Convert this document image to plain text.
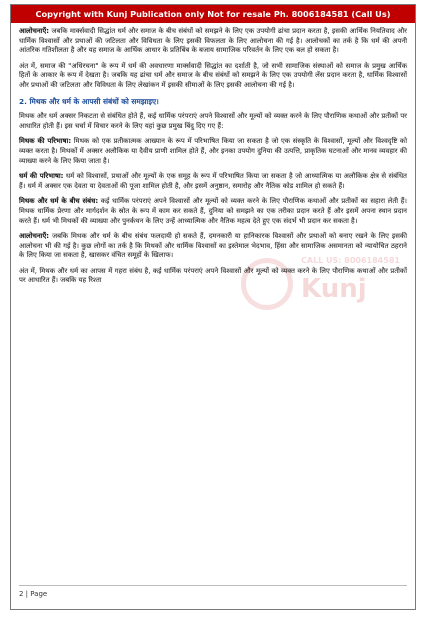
Copyright with Kunj Publication only Not for resale Ph. 8006184581 (Call Us)
CALL US: 8006184581
Kunj

आलोचनाएँ: जबकि मार्क्सवादी सिद्धांत धर्म और समाज के बीच संबंधों को समझने के लिए एक उपयोगी ढांचा प्रदान करता है, इसकी आर्थिक नियतिवाद और धार्मिक विश्वासों और प्रथाओं की जटिलता और विविधता के लिए इसकी विफलता के लिए आलोचना की गई है। आलोचकों का तर्क है कि धर्म की अपनी आंतरिक गतिशीलता है और यह समाज के आर्थिक आधार के प्रतिबिंब के बजाय सामाजिक परिवर्तन के लिए एक बल हो सकता है।

अंत में, समाज की "अधिरचना" के रूप में धर्म की अवधारणा मार्क्सवादी सिद्धांत का दर्शाती है, जो सभी सामाजिक संस्थाओं को समाज के प्रमुख आर्थिक हितों के आकार के रूप में देखता है। जबकि यह ढांचा धर्म और समाज के बीच संबंधों को समझने के लिए एक उपयोगी लेंस प्रदान करता है, धार्मिक विश्वासों और प्रथाओं की जटिलता और विविधता के लिए लेखांकन में इसकी सीमाओं के लिए इसकी आलोचना की गई है।

2. मिथक और धर्म के आपसी संबंधों को समझाइए।

मिथक और धर्म अक्सर निकटता से संबंधित होते हैं, कई धार्मिक परंपराएं अपने विश्वासों और मूल्यों को व्यक्त करने के लिए पौराणिक कथाओं और प्रतीकों पर आधारित होती हैं। इस चर्चा में विचार करने के लिए यहां कुछ प्रमुख बिंदु दिए गए हैं:

मिथक की परिभाषा: मिथक को एक प्रतीकात्मक आख्यान के रूप में परिभाषित किया जा सकता है जो एक संस्कृति के विश्वासों, मूल्यों और विश्वदृष्टि को व्यक्त करता है। मिथकों में अक्सर अलौकिक या दैवीय प्राणी शामिल होते हैं, और इनका उपयोग दुनिया की उत्पत्ति, प्राकृतिक घटनाओं और मानव व्यवहार की व्याख्या करने के लिए किया जाता है।

धर्म की परिभाषा: धर्म को विश्वासों, प्रथाओं और मूल्यों के एक समूह के रूप में परिभाषित किया जा सकता है जो आध्यात्मिक या अलौकिक क्षेत्र से संबंधित हैं। धर्म में अक्सर एक देवता या देवताओं की पूजा शामिल होती है, और इसमें अनुष्ठान, समारोह और नैतिक कोड शामिल हो सकते हैं।

मिथक और धर्म के बीच संबंध: कई धार्मिक परंपराएं अपने विश्वासों और मूल्यों को व्यक्त करने के लिए पौराणिक कथाओं और प्रतीकों का सहारा लेती हैं। मिथक धार्मिक प्रेरणा और मार्गदर्शन के स्रोत के रूप में काम कर सकते हैं, दुनिया को समझने का एक तरीका प्रदान करते हैं और इसमें अपना स्थान प्रदान करते हैं। धर्म भी मिथकों की व्याख्या और पुनर्कथन के लिए उन्हें आध्यात्मिक और नैतिक महत्व देते हुए एक संदर्भ भी प्रदान कर सकता है।

आलोचनाएँ: जबकि मिथक और धर्म के बीच संबंध फलदायी हो सकते हैं, दमनकारी या हानिकारक विश्वासों और प्रथाओं को बनाए रखने के लिए इसकी आलोचना भी की गई है। कुछ लोगों का तर्क है कि मिथकों और धार्मिक विश्वासों का इस्तेमाल भेदभाव, हिंसा और सामाजिक असमानता को न्यायोचित ठहराने के लिए किया जा सकता है, खासकर वंचित समूहों के खिलाफ।

अंत में, मिथक और धर्म का आपस में गहरा संबंध है, कई धार्मिक परंपराएं अपने विश्वासों और मूल्यों को व्यक्त करने के लिए पौराणिक कथाओं और प्रतीकों पर आधारित हैं। जबकि यह रिश्ता

2 | Page
